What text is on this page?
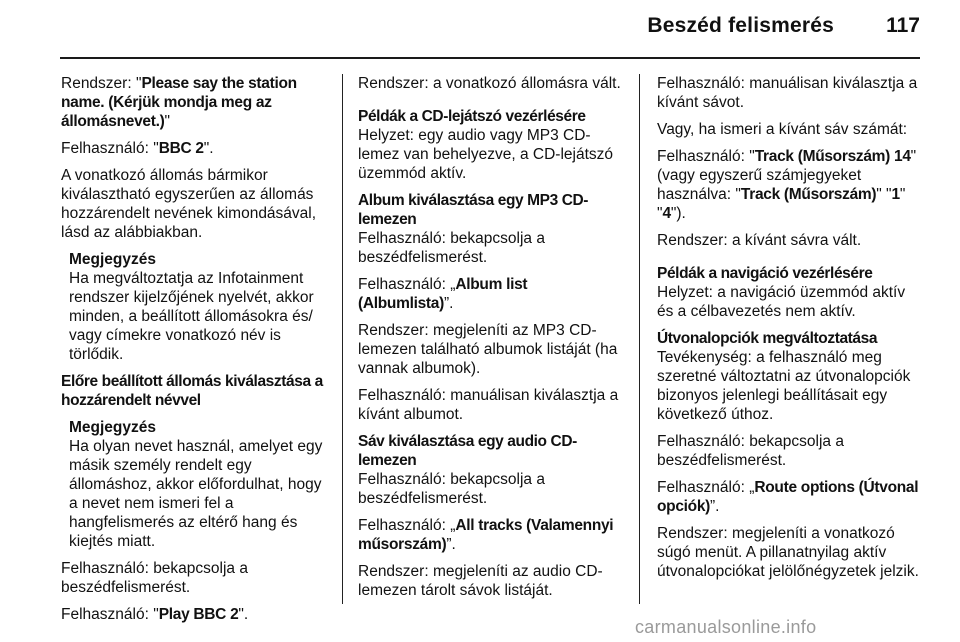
Beszéd felismerés 117

Rendszer: "Please say the station name. (Kérjük mondja meg az állomásnevet.)"

Felhasználó: "BBC 2".

A vonatkozó állomás bármikor kiválasztható egyszerűen az állomás hozzárendelt nevének kimondásával, lásd az alábbiakban.

Megjegyzés

Ha megváltoztatja az Infotainment rendszer kijelzőjének nyelvét, akkor minden, a beállított állomásokra és/ vagy címekre vonatkozó név is törlődik.

Előre beállított állomás kiválasztása a hozzárendelt névvel

Megjegyzés

Ha olyan nevet használ, amelyet egy másik személy rendelt egy állomáshoz, akkor előfordulhat, hogy a nevet nem ismeri fel a hangfelismerés az eltérő hang és kiejtés miatt.

Felhasználó: bekapcsolja a beszédfelismerést.

Felhasználó: "Play BBC 2".

Rendszer: a vonatkozó állomásra vált.

Példák a CD-lejátszó vezérlésére

Helyzet: egy audio vagy MP3 CD-lemez van behelyezve, a CD-lejátszó üzemmód aktív.

Album kiválasztása egy MP3 CD-lemezen

Felhasználó: bekapcsolja a beszédfelismerést.

Felhasználó: „Album list (Albumlista)”.

Rendszer: megjeleníti az MP3 CD-lemezen található albumok listáját (ha vannak albumok).

Felhasználó: manuálisan kiválasztja a kívánt albumot.

Sáv kiválasztása egy audio CD-lemezen

Felhasználó: bekapcsolja a beszédfelismerést.

Felhasználó: „All tracks (Valamennyi műsorszám)”.

Rendszer: megjeleníti az audio CD-lemezen tárolt sávok listáját.

Felhasználó: manuálisan kiválasztja a kívánt sávot.

Vagy, ha ismeri a kívánt sáv számát:

Felhasználó: "Track (Műsorszám) 14" (vagy egyszerű számjegyeket használva: "Track (Műsorszám)" "1" "4").

Rendszer: a kívánt sávra vált.

Példák a navigáció vezérlésére

Helyzet: a navigáció üzemmód aktív és a célbavezetés nem aktív.

Útvonalopciók megváltoztatása

Tevékenység: a felhasználó meg szeretné változtatni az útvonalopciók bizonyos jelenlegi beállításait egy következő úthoz.

Felhasználó: bekapcsolja a beszédfelismerést.

Felhasználó: „Route options (Útvonal opciók)”.

Rendszer: megjeleníti a vonatkozó súgó menüt. A pillanatnyilag aktív útvonalopciókat jelölőnégyzetek jelzik.

carmanualsonline.info
